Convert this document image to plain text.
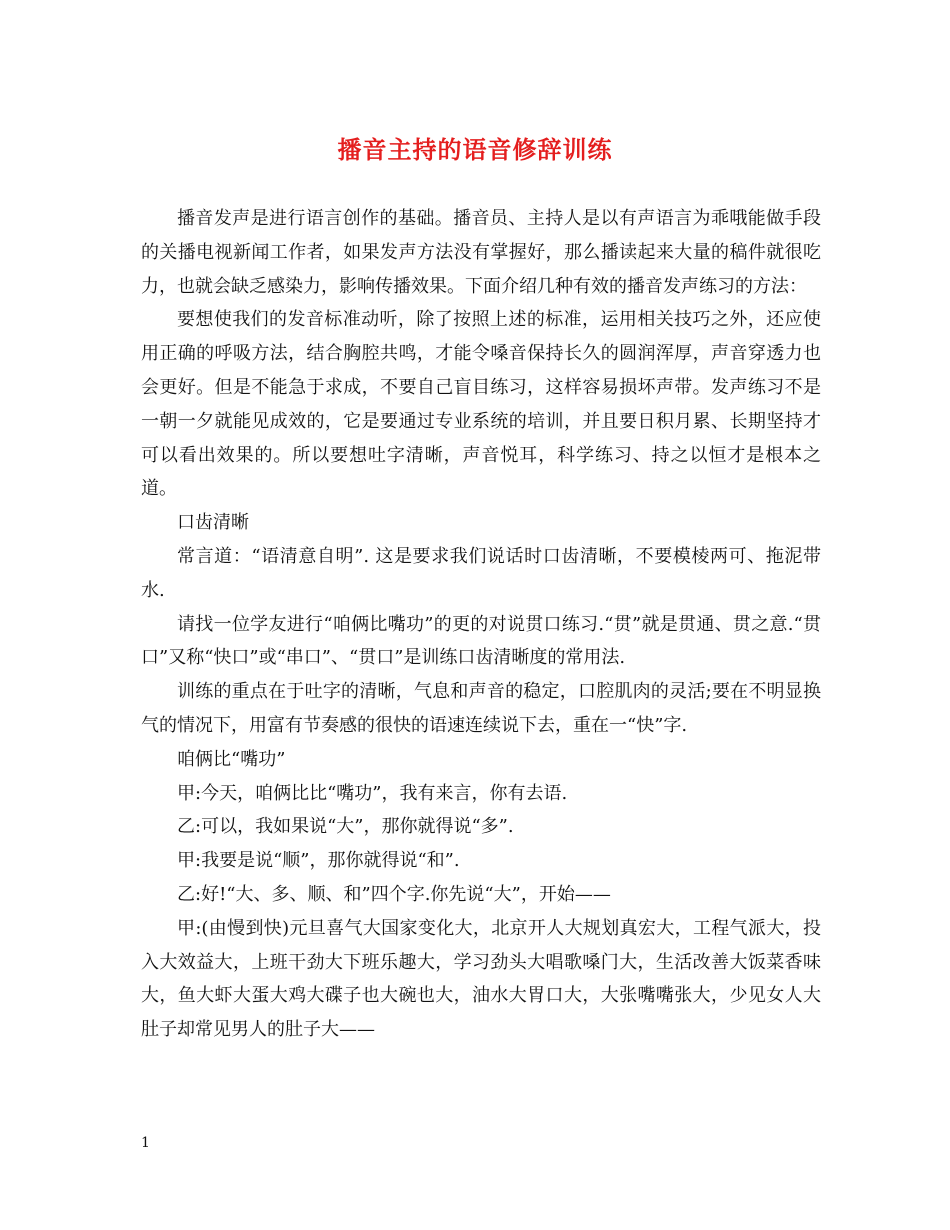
播音主持的语音修辞训练

播音发声是进行语言创作的基础。播音员、主持人是以有声语言为乖哦能做手段的关播电视新闻工作者，如果发声方法没有掌握好，那么播读起来大量的稿件就很吃力，也就会缺乏感染力，影响传播效果。下面介绍几种有效的播音发声练习的方法：

要想使我们的发音标准动听，除了按照上述的标准，运用相关技巧之外，还应使用正确的呼吸方法，结合胸腔共鸣，才能令嗓音保持长久的圆润浑厚，声音穿透力也会更好。但是不能急于求成，不要自己盲目练习，这样容易损坏声带。发声练习不是一朝一夕就能见成效的，它是要通过专业系统的培训，并且要日积月累、长期坚持才可以看出效果的。所以要想吐字清晰，声音悦耳，科学练习、持之以恒才是根本之道。

口齿清晰

常言道：“语清意自明”. 这是要求我们说话时口齿清晰，不要模棱两可、拖泥带水.

请找一位学友进行“咱俩比嘴功”的更的对说贯口练习.“贯”就是贯通、贯之意.“贯口”又称“快口”或“串口”、“贯口”是训练口齿清晰度的常用法.

训练的重点在于吐字的清晰，气息和声音的稳定，口腔肌肉的灵活;要在不明显换气的情况下，用富有节奏感的很快的语速连续说下去，重在一“快”字.

咱俩比“嘴功”

甲:今天，咱俩比比“嘴功”，我有来言，你有去语.

乙:可以，我如果说“大”，那你就得说“多”.

甲:我要是说“顺”，那你就得说“和”.

乙:好!“大、多、顺、和”四个字.你先说“大”，开始——

甲:(由慢到快)元旦喜气大国家变化大，北京开人大规划真宏大，工程气派大，投入大效益大，上班干劲大下班乐趣大，学习劲头大唱歌嗓门大，生活改善大饭菜香味大，鱼大虾大蛋大鸡大碟子也大碗也大，油水大胃口大，大张嘴嘴张大，少见女人大肚子却常见男人的肚子大——

1
